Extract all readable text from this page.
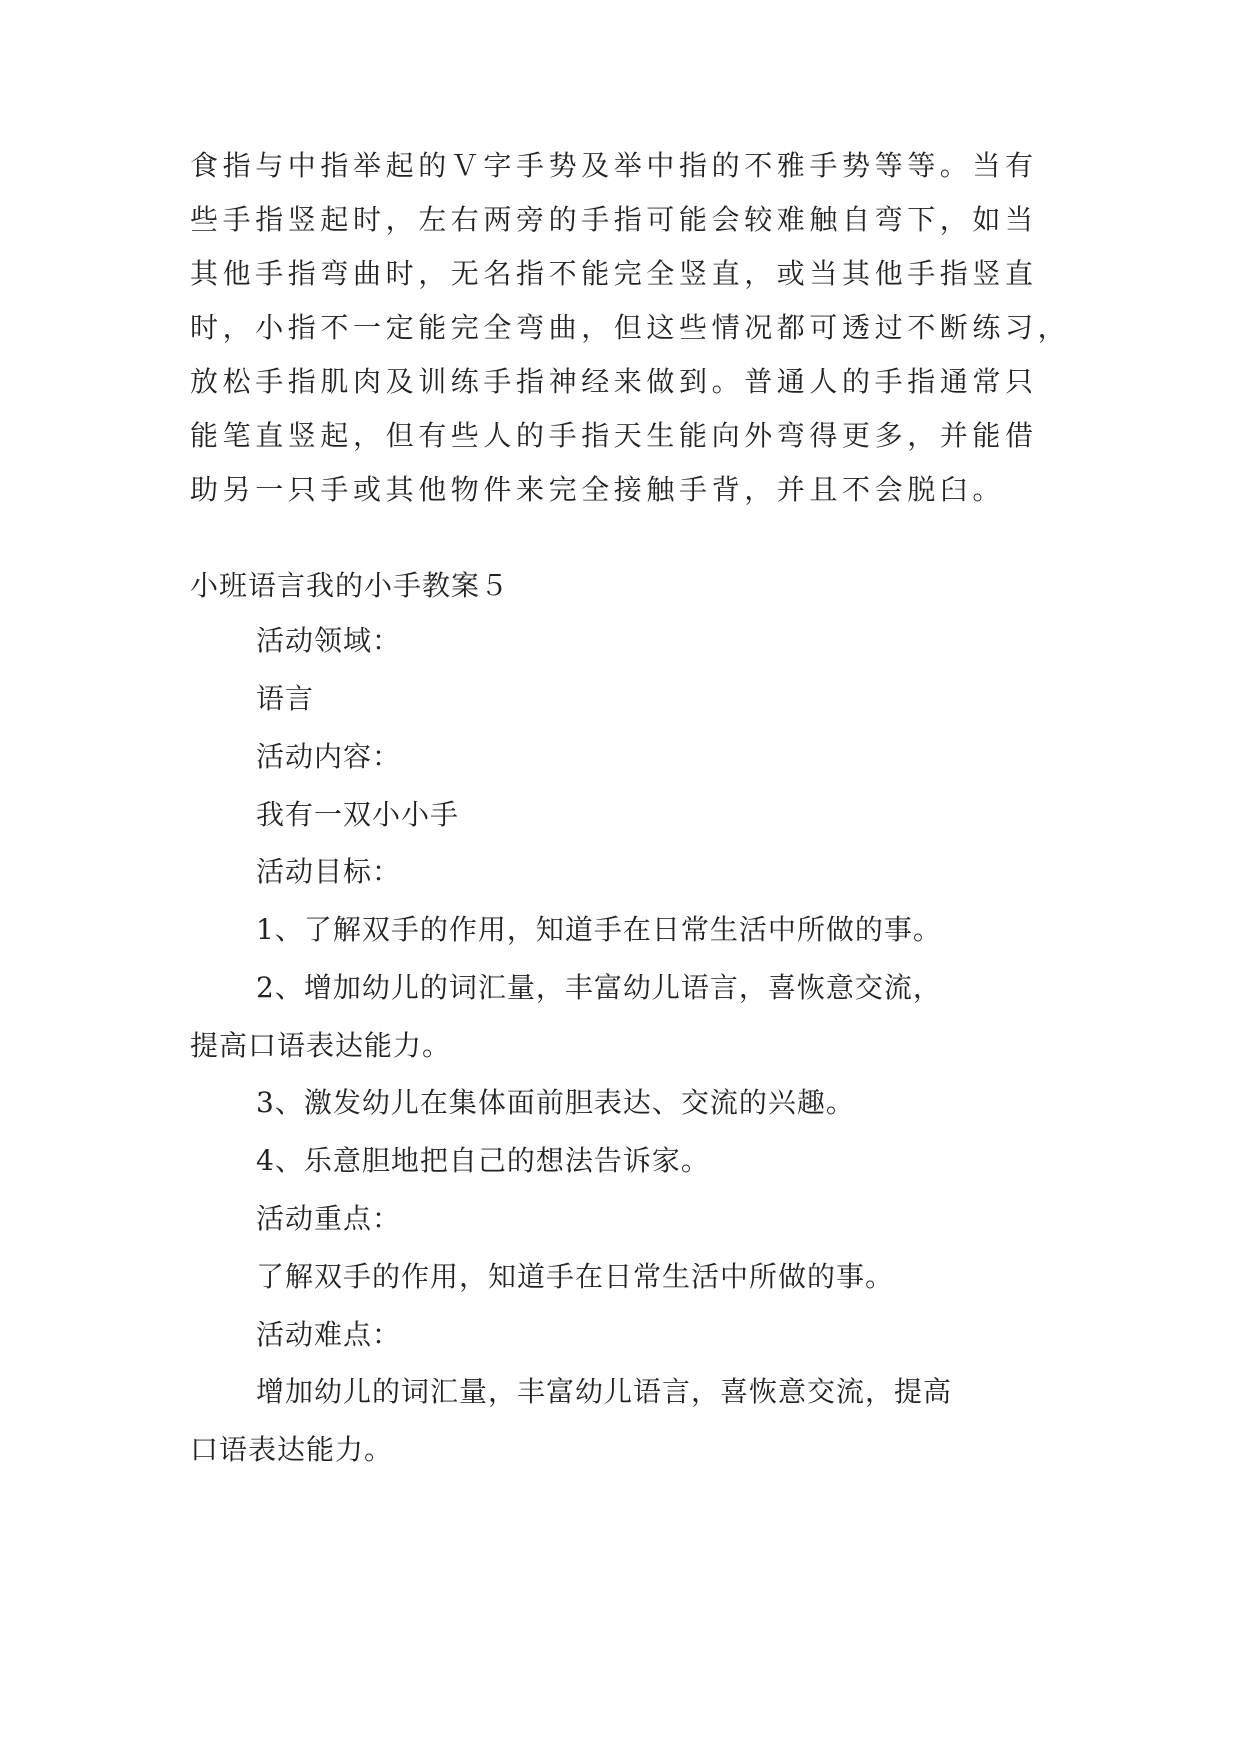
食指与中指举起的Ｖ字手势及举中指的不雅手势等等。当有
些手指竖起时，左右两旁的手指可能会较难触自弯下，如当
其他手指弯曲时，无名指不能完全竖直，或当其他手指竖直
时，小指不一定能完全弯曲，但这些情况都可透过不断练习，
放松手指肌肉及训练手指神经来做到。普通人的手指通常只
能笔直竖起，但有些人的手指天生能向外弯得更多，并能借
助另一只手或其他物件来完全接触手背，并且不会脱臼。
小班语言我的小手教案５
活动领域：
语言
活动内容：
我有一双小小手
活动目标：
1、了解双手的作用，知道手在日常生活中所做的事。
2、增加幼儿的词汇量，丰富幼儿语言，喜恢意交流，
提高口语表达能力。
3、激发幼儿在集体面前胆表达、交流的兴趣。
4、乐意胆地把自己的想法告诉家。
活动重点：
了解双手的作用，知道手在日常生活中所做的事。
活动难点：
增加幼儿的词汇量，丰富幼儿语言，喜恢意交流，提高
口语表达能力。
